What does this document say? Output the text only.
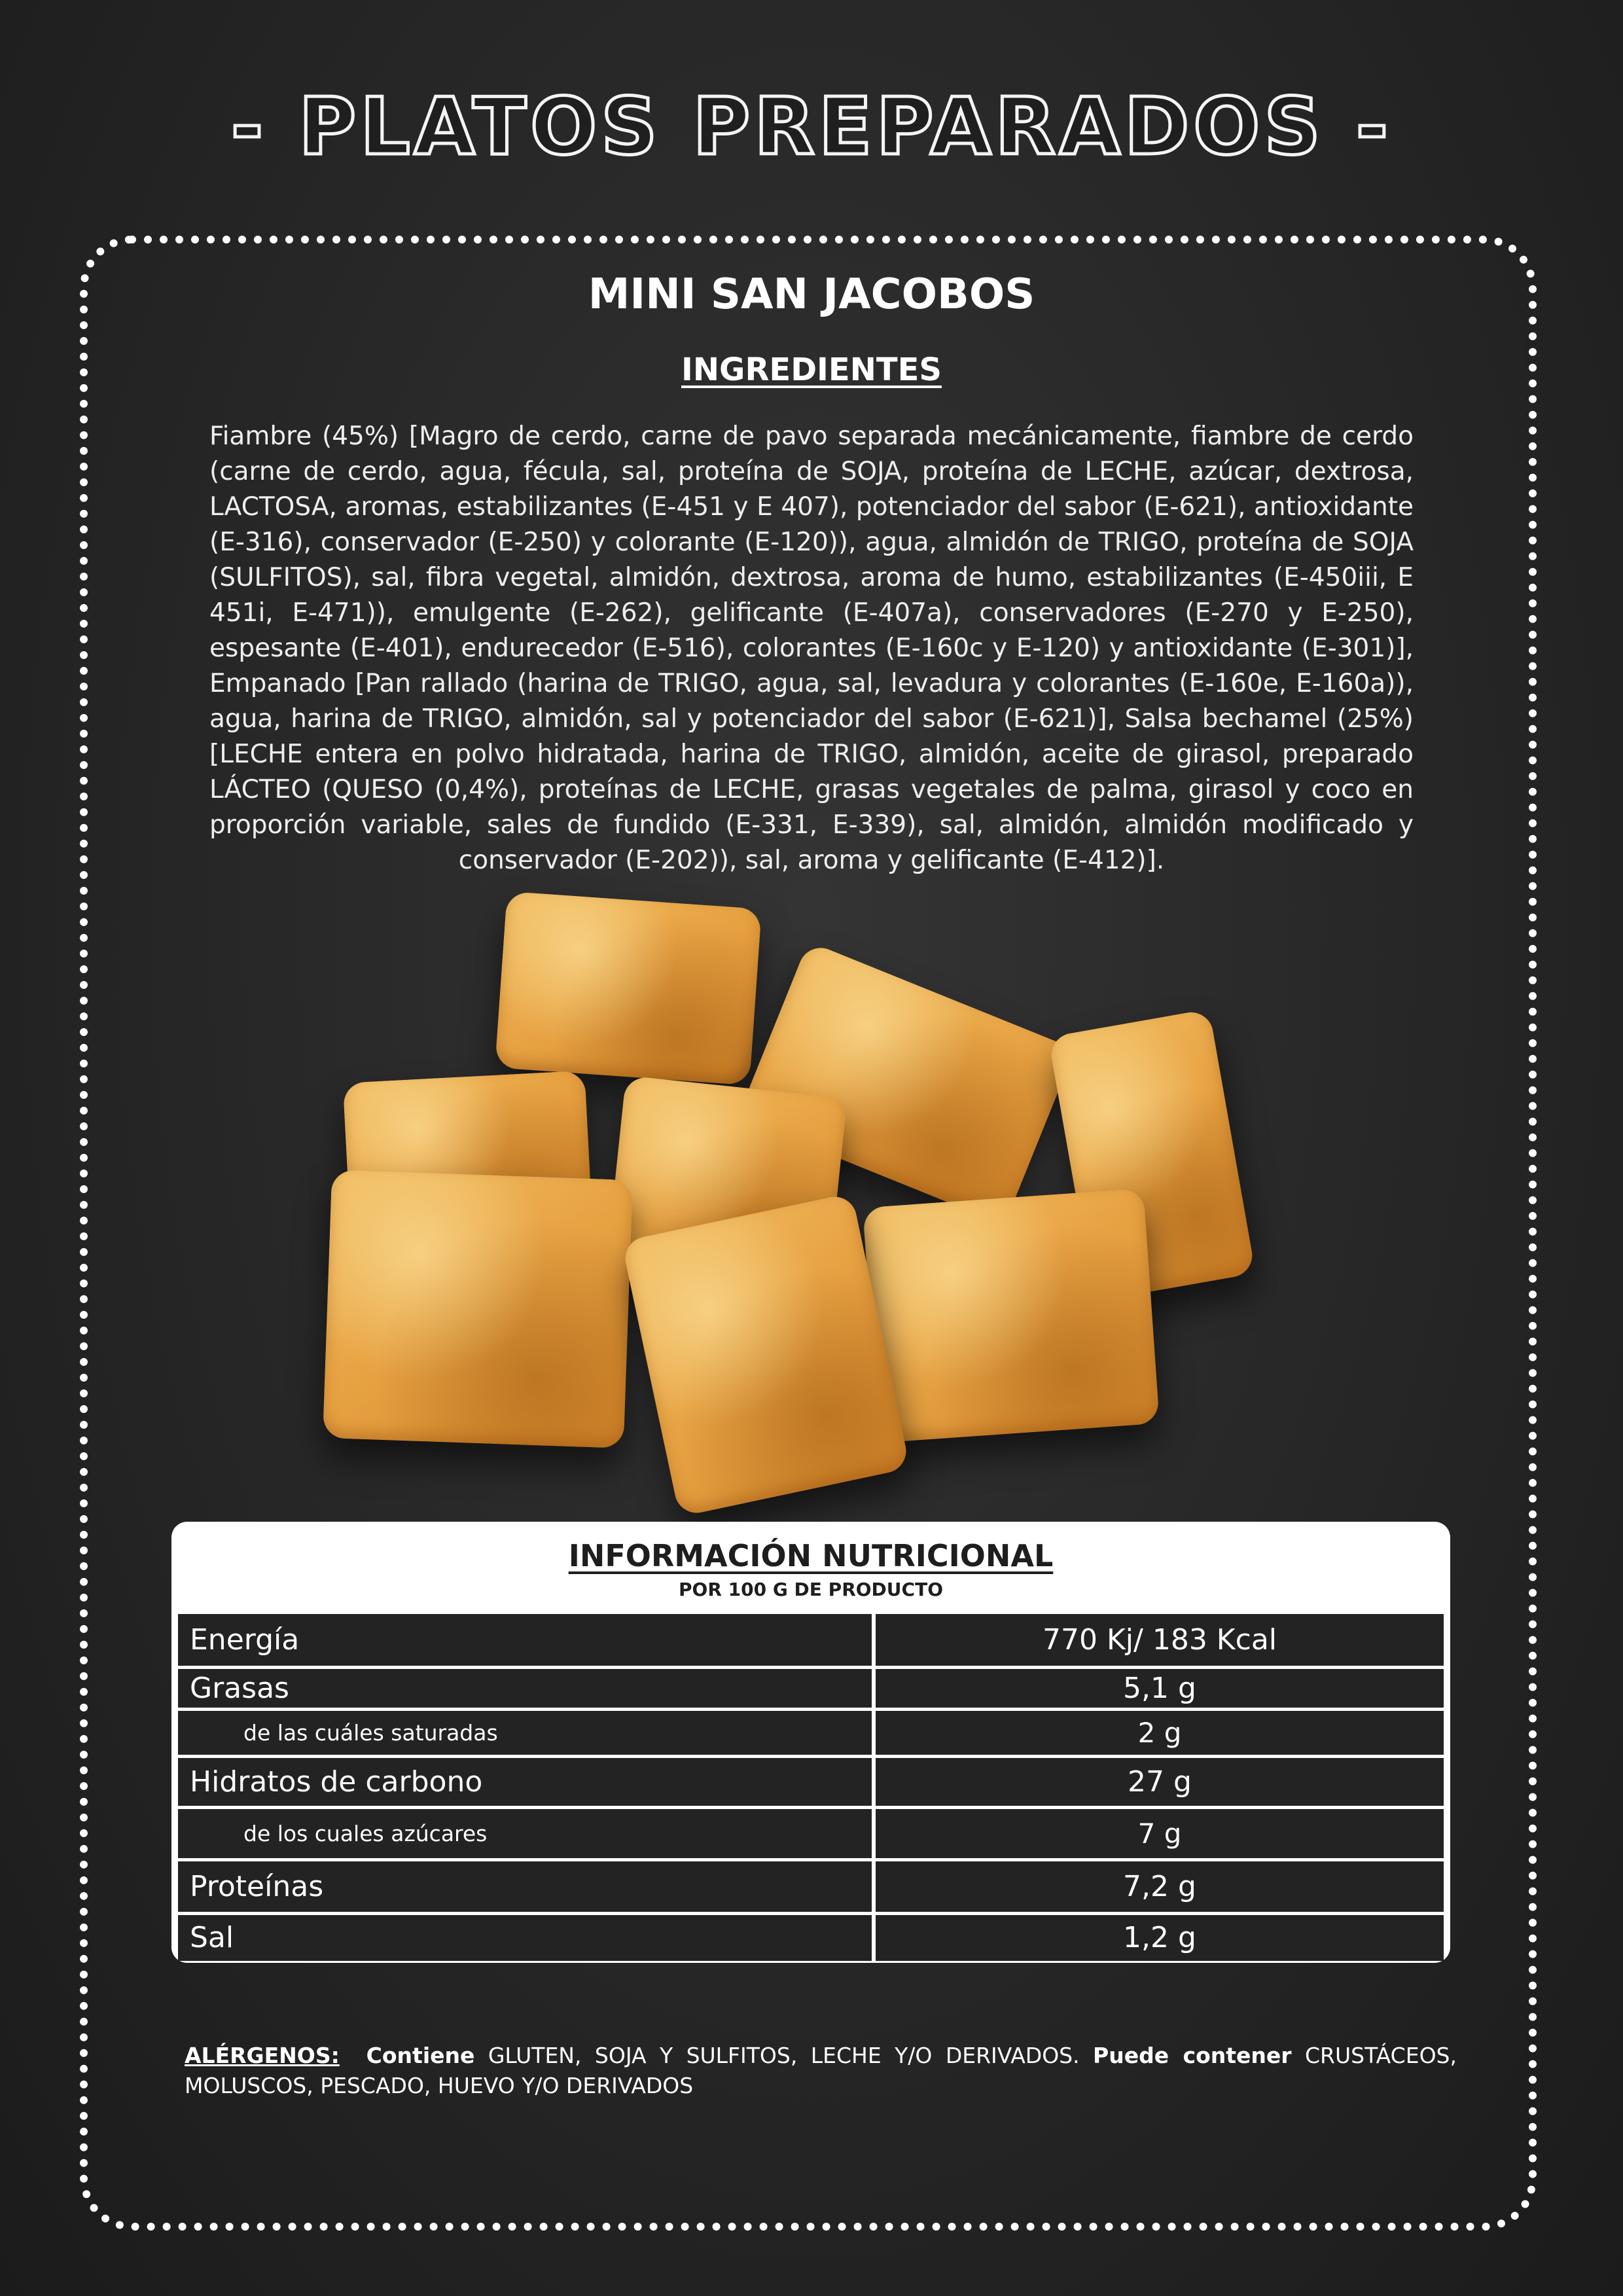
- PLATOS PREPARADOS -
MINI SAN JACOBOS
INGREDIENTES
Fiambre (45%) [Magro de cerdo, carne de pavo separada mecánicamente, fiambre de cerdo (carne de cerdo, agua, fécula, sal, proteína de SOJA, proteína de LECHE, azúcar, dextrosa, LACTOSA, aromas, estabilizantes (E-451 y E 407), potenciador del sabor (E-621), antioxidante (E-316), conservador (E-250) y colorante (E-120)), agua, almidón de TRIGO, proteína de SOJA (SULFITOS), sal, fibra vegetal, almidón, dextrosa, aroma de humo, estabilizantes (E-450iii, E 451i, E-471)), emulgente (E-262), gelificante (E-407a), conservadores (E-270 y E-250), espesante (E-401), endurecedor (E-516), colorantes (E-160c y E-120) y antioxidante (E-301)], Empanado [Pan rallado (harina de TRIGO, agua, sal, levadura y colorantes (E-160e, E-160a)), agua, harina de TRIGO, almidón, sal y potenciador del sabor (E-621)], Salsa bechamel (25%) [LECHE entera en polvo hidratada, harina de TRIGO, almidón, aceite de girasol, preparado LÁCTEO (QUESO (0,4%), proteínas de LECHE, grasas vegetales de palma, girasol y coco en proporción variable, sales de fundido (E-331, E-339), sal, almidón, almidón modificado y conservador (E-202)), sal, aroma y gelificante (E-412)].
INFORMACIÓN NUTRICIONAL
POR 100 G DE PRODUCTO
Energía	770 Kj/ 183 Kcal
Grasas	5,1 g
de las cuáles saturadas	2 g
Hidratos de carbono	27 g
de los cuales azúcares	7 g
Proteínas	7,2 g
Sal	1,2 g
ALÉRGENOS: Contiene GLUTEN, SOJA Y SULFITOS, LECHE Y/O DERIVADOS. Puede contener CRUSTÁCEOS, MOLUSCOS, PESCADO, HUEVO Y/O DERIVADOS
